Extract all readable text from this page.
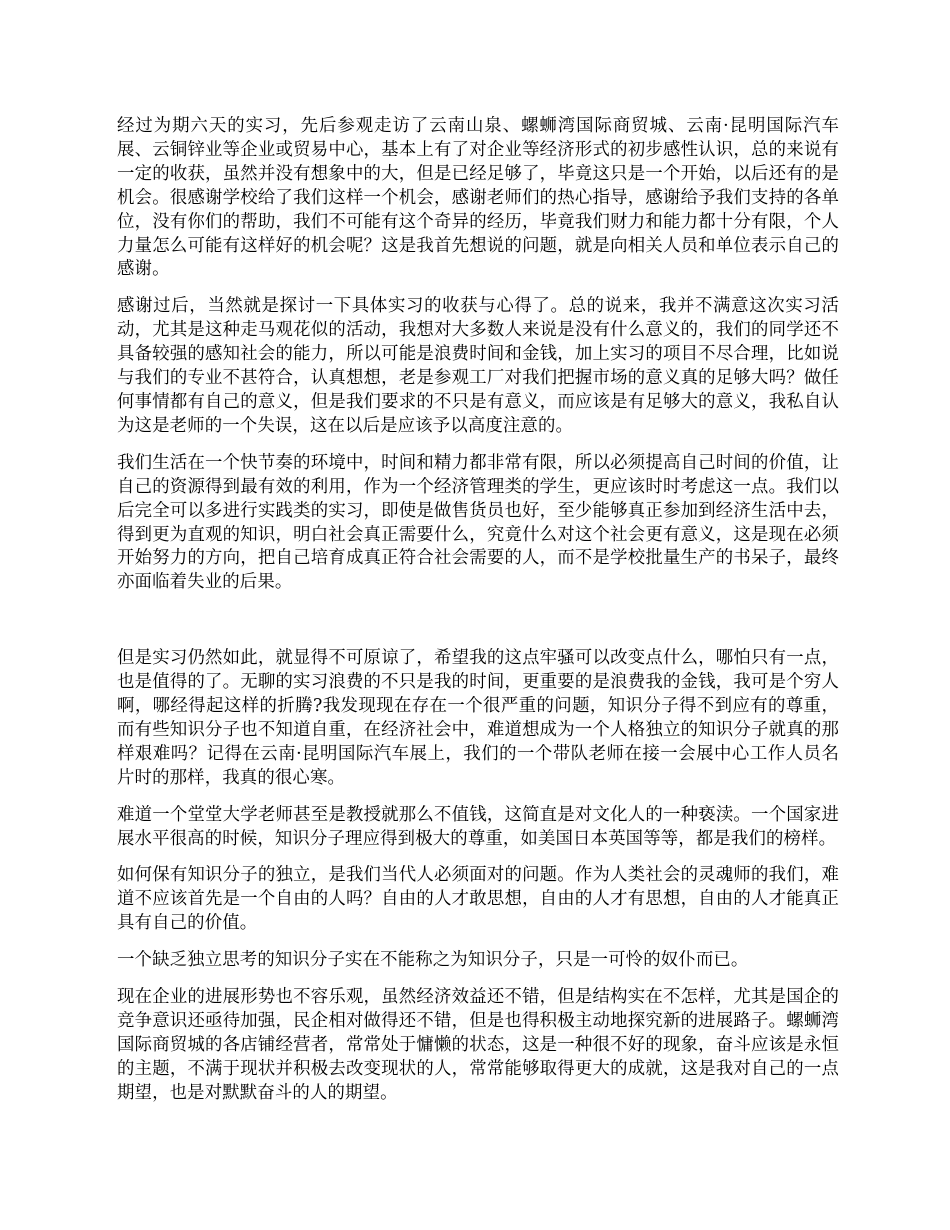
经过为期六天的实习，先后参观走访了云南山泉、螺蛳湾国际商贸城、云南·昆明国际汽车展、云铜锌业等企业或贸易中心，基本上有了对企业等经济形式的初步感性认识，总的来说有一定的收获，虽然并没有想象中的大，但是已经足够了，毕竟这只是一个开始，以后还有的是机会。很感谢学校给了我们这样一个机会，感谢老师们的热心指导，感谢给予我们支持的各单位，没有你们的帮助，我们不可能有这个奇异的经历，毕竟我们财力和能力都十分有限，个人力量怎么可能有这样好的机会呢？这是我首先想说的问题，就是向相关人员和单位表示自己的感谢。

感谢过后，当然就是探讨一下具体实习的收获与心得了。总的说来，我并不满意这次实习活动，尤其是这种走马观花似的活动，我想对大多数人来说是没有什么意义的，我们的同学还不具备较强的感知社会的能力，所以可能是浪费时间和金钱，加上实习的项目不尽合理，比如说与我们的专业不甚符合，认真想想，老是参观工厂对我们把握市场的意义真的足够大吗？做任何事情都有自己的意义，但是我们要求的不只是有意义，而应该是有足够大的意义，我私自认为这是老师的一个失误，这在以后是应该予以高度注意的。

我们生活在一个快节奏的环境中，时间和精力都非常有限，所以必须提高自己时间的价值，让自己的资源得到最有效的利用，作为一个经济管理类的学生，更应该时时考虑这一点。我们以后完全可以多进行实践类的实习，即使是做售货员也好，至少能够真正参加到经济生活中去，得到更为直观的知识，明白社会真正需要什么，究竟什么对这个社会更有意义，这是现在必须开始努力的方向，把自己培育成真正符合社会需要的人，而不是学校批量生产的书呆子，最终亦面临着失业的后果。

但是实习仍然如此，就显得不可原谅了，希望我的这点牢骚可以改变点什么，哪怕只有一点，也是值得的了。无聊的实习浪费的不只是我的时间，更重要的是浪费我的金钱，我可是个穷人啊，哪经得起这样的折腾?我发现现在存在一个很严重的问题，知识分子得不到应有的尊重，而有些知识分子也不知道自重，在经济社会中，难道想成为一个人格独立的知识分子就真的那样艰难吗？记得在云南·昆明国际汽车展上，我们的一个带队老师在接一会展中心工作人员名片时的那样，我真的很心寒。

难道一个堂堂大学老师甚至是教授就那么不值钱，这简直是对文化人的一种亵渎。一个国家进展水平很高的时候，知识分子理应得到极大的尊重，如美国日本英国等等，都是我们的榜样。

如何保有知识分子的独立，是我们当代人必须面对的问题。作为人类社会的灵魂师的我们，难道不应该首先是一个自由的人吗？自由的人才敢思想，自由的人才有思想，自由的人才能真正具有自己的价值。

一个缺乏独立思考的知识分子实在不能称之为知识分子，只是一可怜的奴仆而已。

现在企业的进展形势也不容乐观，虽然经济效益还不错，但是结构实在不怎样，尤其是国企的竞争意识还亟待加强，民企相对做得还不错，但是也得积极主动地探究新的进展路子。螺蛳湾国际商贸城的各店铺经营者，常常处于慵懒的状态，这是一种很不好的现象，奋斗应该是永恒的主题，不满于现状并积极去改变现状的人，常常能够取得更大的成就，这是我对自己的一点期望，也是对默默奋斗的人的期望。
